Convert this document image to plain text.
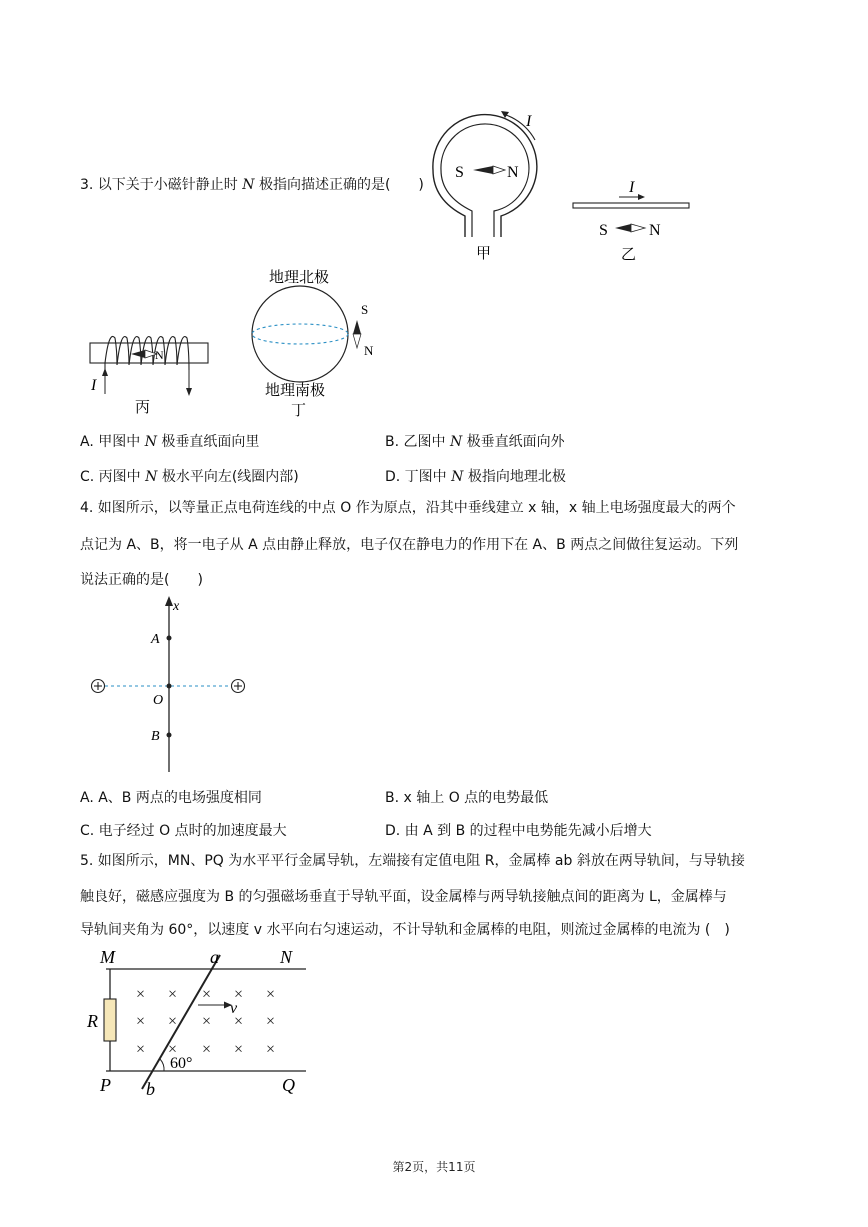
3. 以下关于小磁针静止时 N 极指向描述正确的是(　　)
I
S	N
甲
I
S	N
乙
N
I
丙
地理北极
S
N
地理南极
丁
A. 甲图中 N 极垂直纸面向里	B. 乙图中 N 极垂直纸面向外
C. 丙图中 N 极水平向左(线圈内部)	D. 丁图中 N 极指向地理北极
4. 如图所示，以等量正点电荷连线的中点 O 作为原点，沿其中垂线建立 x 轴，x 轴上电场强度最大的两个
点记为 A、B，将一电子从 A 点由静止释放，电子仅在静电力的作用下在 A、B 两点之间做往复运动。下列
说法正确的是(　　)
x
A
O
B
A. A、B 两点的电场强度相同	B. x 轴上 O 点的电势最低
C. 电子经过 O 点时的加速度最大	D. 由 A 到 B 的过程中电势能先减小后增大
5. 如图所示，MN、PQ 为水平平行金属导轨，左端接有定值电阻 R，金属棒 ab 斜放在两导轨间，与导轨接
触良好，磁感应强度为 B 的匀强磁场垂直于导轨平面，设金属棒与两导轨接触点间的距离为 L，金属棒与
导轨间夹角为 60°，以速度 v 水平向右匀速运动，不计导轨和金属棒的电阻，则流过金属棒的电流为 (　)
R
M	N
P	Q
× × × × ×
× × × × ×
× × × × ×
a
b
v
60°
第2页，共11页
